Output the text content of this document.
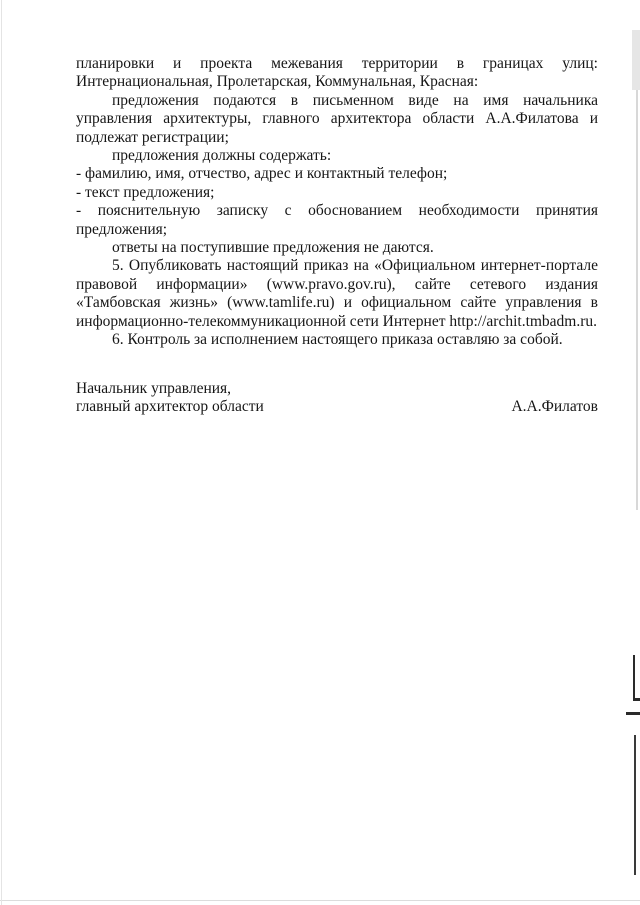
планировки и проекта межевания территории в границах улиц: Интернациональная, Пролетарская, Коммунальная, Красная:

предложения подаются в письменном виде на имя начальника управления архитектуры, главного архитектора области А.А.Филатова и подлежат регистрации;

предложения должны содержать:

- фамилию, имя, отчество, адрес и контактный телефон;

- текст предложения;

- пояснительную записку с обоснованием необходимости принятия предложения;

ответы на поступившие предложения не даются.

5. Опубликовать настоящий приказ на «Официальном интернет-портале правовой информации» (www.pravo.gov.ru), сайте сетевого издания «Тамбовская жизнь» (www.tamlife.ru) и официальном сайте управления в информационно-телекоммуникационной сети Интернет http://archit.tmbadm.ru.

6. Контроль за исполнением настоящего приказа оставляю за собой.

Начальник управления,
главный архитектор области	А.А.Филатов
